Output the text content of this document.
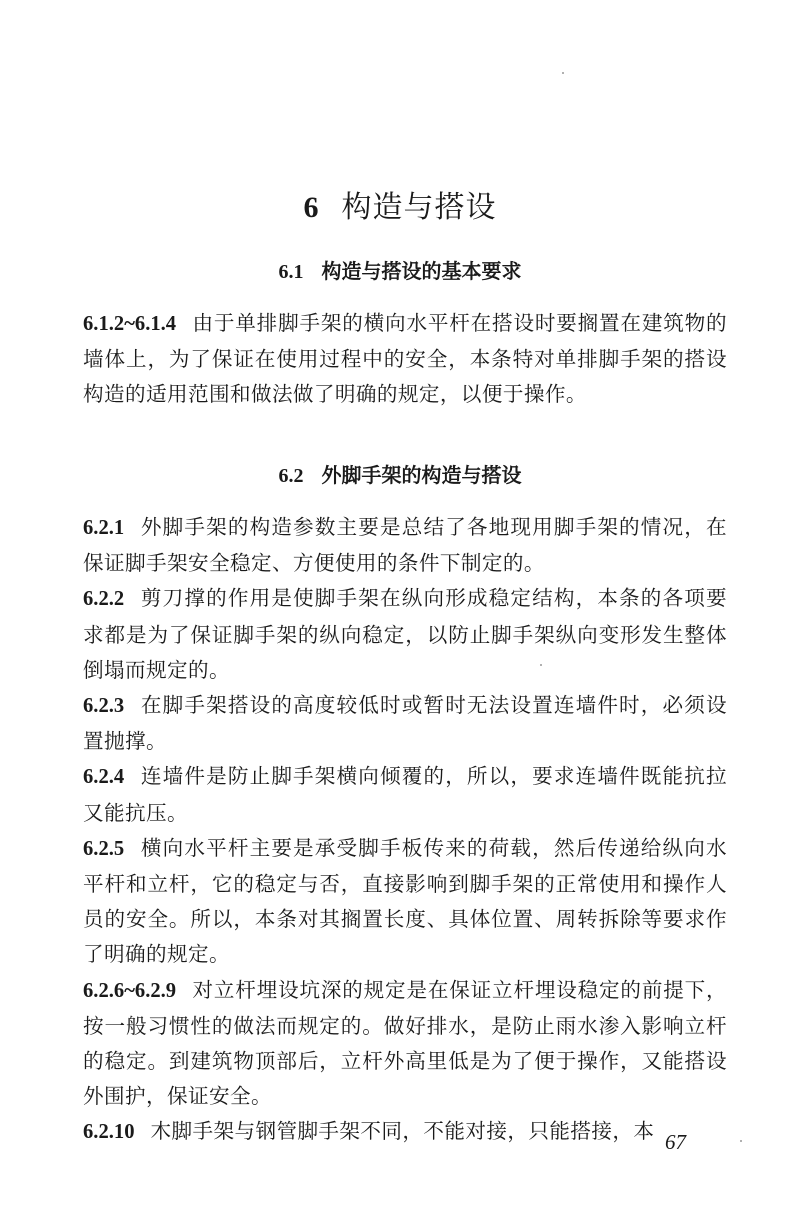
6 构造与搭设
6.1 构造与搭设的基本要求

6.1.2~6.1.4 由于单排脚手架的横向水平杆在搭设时要搁置在建筑物的墙体上，为了保证在使用过程中的安全，本条特对单排脚手架的搭设构造的适用范围和做法做了明确的规定，以便于操作。

6.2 外脚手架的构造与搭设

6.2.1 外脚手架的构造参数主要是总结了各地现用脚手架的情况，在保证脚手架安全稳定、方便使用的条件下制定的。

6.2.2 剪刀撑的作用是使脚手架在纵向形成稳定结构，本条的各项要求都是为了保证脚手架的纵向稳定，以防止脚手架纵向变形发生整体倒塌而规定的。

6.2.3 在脚手架搭设的高度较低时或暂时无法设置连墙件时，必须设置抛撑。

6.2.4 连墙件是防止脚手架横向倾覆的，所以，要求连墙件既能抗拉又能抗压。

6.2.5 横向水平杆主要是承受脚手板传来的荷载，然后传递给纵向水平杆和立杆，它的稳定与否，直接影响到脚手架的正常使用和操作人员的安全。所以，本条对其搁置长度、具体位置、周转拆除等要求作了明确的规定。

6.2.6~6.2.9 对立杆埋设坑深的规定是在保证立杆埋设稳定的前提下，按一般习惯性的做法而规定的。做好排水，是防止雨水渗入影响立杆的稳定。到建筑物顶部后，立杆外高里低是为了便于操作，又能搭设外围护，保证安全。

6.2.10 木脚手架与钢管脚手架不同，不能对接，只能搭接，本 67
